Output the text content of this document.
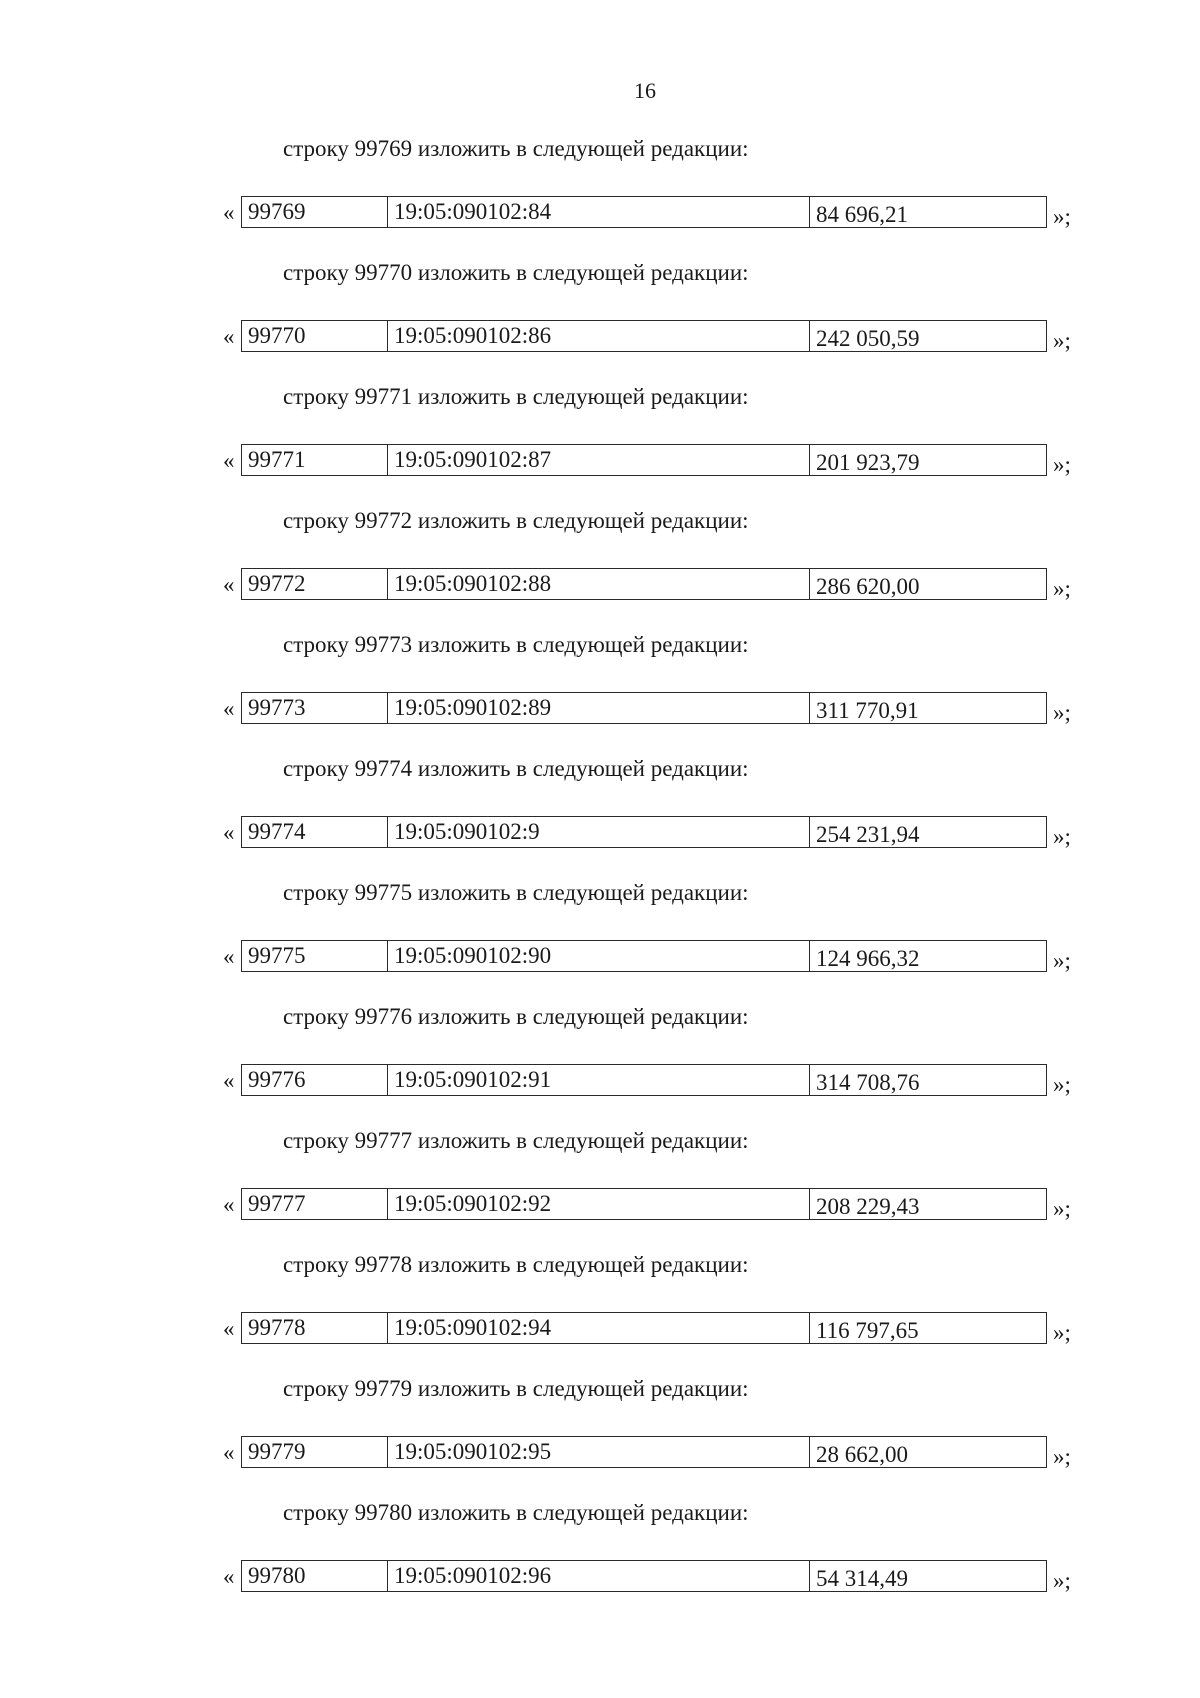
16
строку 99769 изложить в следующей редакции:
« 99769	19:05:090102:84	84 696,21	»;
строку 99770 изложить в следующей редакции:
« 99770	19:05:090102:86	242 050,59	»;
строку 99771 изложить в следующей редакции:
« 99771	19:05:090102:87	201 923,79	»;
строку 99772 изложить в следующей редакции:
« 99772	19:05:090102:88	286 620,00	»;
строку 99773 изложить в следующей редакции:
« 99773	19:05:090102:89	311 770,91	»;
строку 99774 изложить в следующей редакции:
« 99774	19:05:090102:9	254 231,94	»;
строку 99775 изложить в следующей редакции:
« 99775	19:05:090102:90	124 966,32	»;
строку 99776 изложить в следующей редакции:
« 99776	19:05:090102:91	314 708,76	»;
строку 99777 изложить в следующей редакции:
« 99777	19:05:090102:92	208 229,43	»;
строку 99778 изложить в следующей редакции:
« 99778	19:05:090102:94	116 797,65	»;
строку 99779 изложить в следующей редакции:
« 99779	19:05:090102:95	28 662,00	»;
строку 99780 изложить в следующей редакции:
« 99780	19:05:090102:96	54 314,49	»;
